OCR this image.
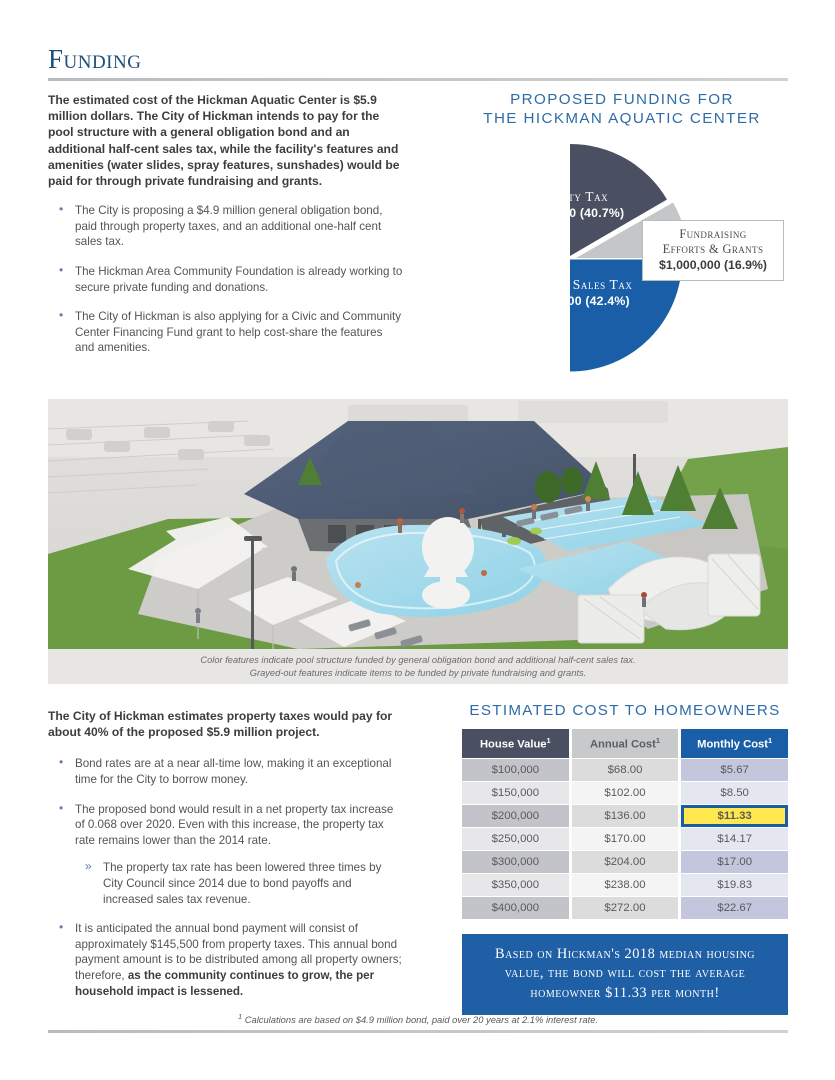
Funding

The estimated cost of the Hickman Aquatic Center is $5.9 million dollars. The City of Hickman intends to pay for the pool structure with a general obligation bond and an additional half-cent sales tax, while the facility's features and amenities (water slides, spray features, sunshades) would be paid for through private fundraising and grants.

• The City is proposing a $4.9 million general obligation bond, paid through property taxes, and an additional one-half cent sales tax.
• The Hickman Area Community Foundation is already working to secure private funding and donations.
• The City of Hickman is also applying for a Civic and Community Center Financing Fund grant to help cost-share the features and amenities.
PROPOSED FUNDING FOR
THE HICKMAN AQUATIC CENTER
Property Tax
$2,401,000 (40.7%)
Proposed Sales Tax
$2,499,000 (42.4%)
Fundraising
Efforts & Grants
$1,000,000 (16.9%)
Color features indicate pool structure funded by general obligation bond and additional half-cent sales tax.
Grayed-out features indicate items to be funded by private fundraising and grants.

The City of Hickman estimates property taxes would pay for about 40% of the proposed $5.9 million project.

• Bond rates are at a near all-time low, making it an exceptional time for the City to borrow money.
• The proposed bond would result in a net property tax increase of 0.068 over 2020. Even with this increase, the property tax rate remains lower than the 2014 rate.
» The property tax rate has been lowered three times by City Council since 2014 due to bond payoffs and increased sales tax revenue.
• It is anticipated the annual bond payment will consist of approximately $145,500 from property taxes. This annual bond payment amount is to be distributed among all property owners; therefore, as the community continues to grow, the per household impact is lessened.
ESTIMATED COST TO HOMEOWNERS
House Value$^1$	Annual Cost$^1$	Monthly Cost$^1$
$100,000	$68.00	$5.67
$150,000	$102.00	$8.50
$200,000	$136.00	$11.33
$250,000	$170.00	$14.17
$300,000	$204.00	$17.00
$350,000	$238.00	$19.83
$400,000	$272.00	$22.67
Based on Hickman's 2018 median housing
value, the bond will cost the average
homeowner $11.33 per month!
$^1$ Calculations are based on $4.9 million bond, paid over 20 years at 2.1% interest rate.
